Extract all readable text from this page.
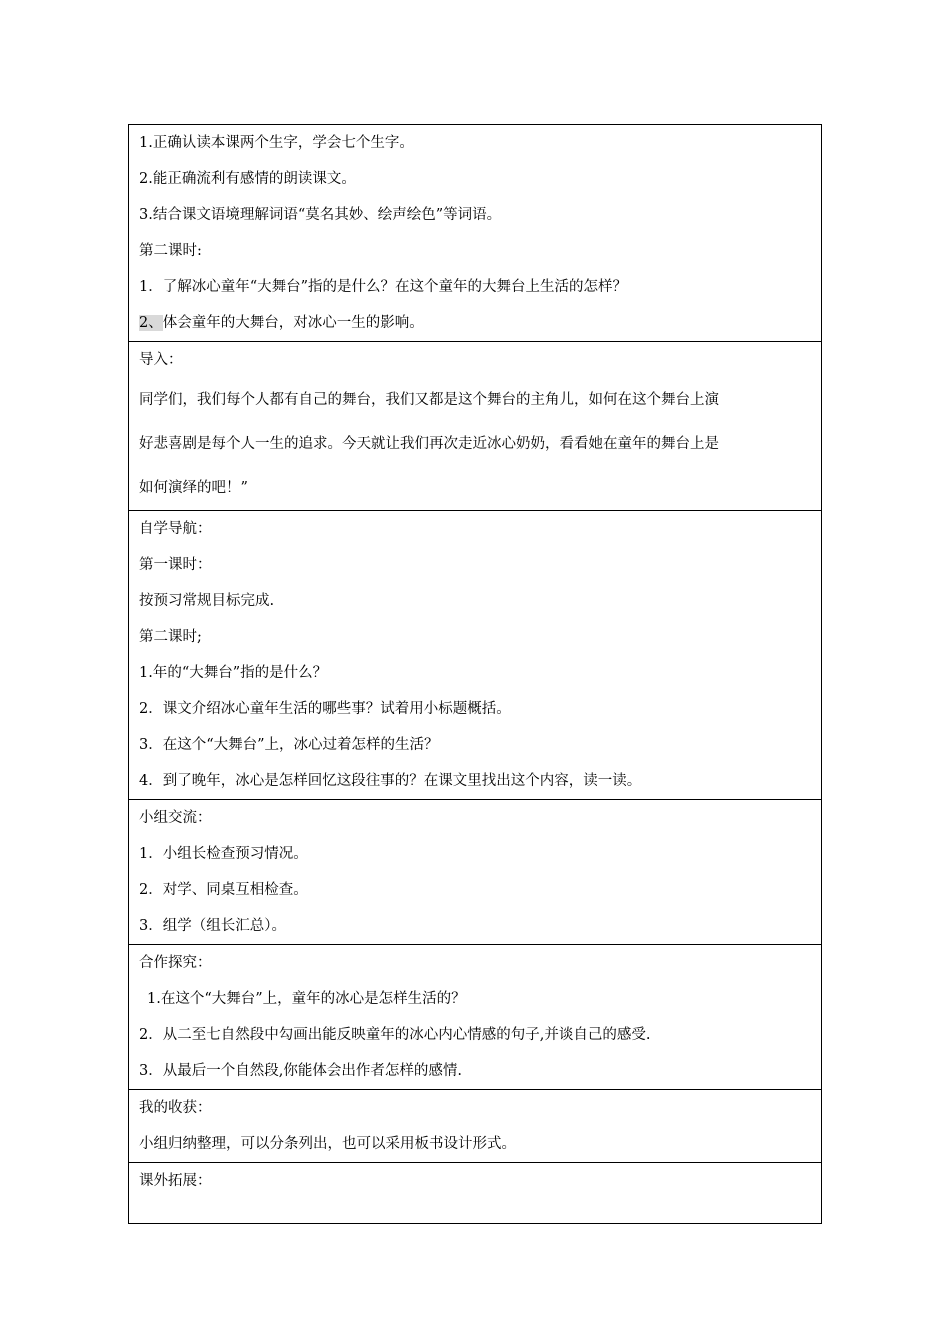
1.正确认读本课两个生字，学会七个生字。
2.能正确流利有感情的朗读课文。
3.结合课文语境理解词语“莫名其妙、绘声绘色”等词语。
第二课时:
1．了解冰心童年“大舞台”指的是什么？在这个童年的大舞台上生活的怎样？
2、体会童年的大舞台，对冰心一生的影响。

导入：
同学们，我们每个人都有自己的舞台，我们又都是这个舞台的主角儿，如何在这个舞台上演
好悲喜剧是每个人一生的追求。今天就让我们再次走近冰心奶奶，看看她在童年的舞台上是
如何演绎的吧！”

自学导航：
第一课时：
按预习常规目标完成.
第二课时;
1.年的“大舞台”指的是什么？
2．课文介绍冰心童年生活的哪些事？试着用小标题概括。
3．在这个“大舞台”上，冰心过着怎样的生活？
4．到了晚年，冰心是怎样回忆这段往事的？在课文里找出这个内容，读一读。

小组交流：
1．小组长检查预习情况。
2．对学、同桌互相检查。
3．组学（组长汇总）。

合作探究：
1.在这个“大舞台”上，童年的冰心是怎样生活的？
2．从二至七自然段中勾画出能反映童年的冰心内心情感的句子,并谈自己的感受.
3．从最后一个自然段,你能体会出作者怎样的感情.

我的收获：
小组归纳整理，可以分条列出，也可以采用板书设计形式。

课外拓展：
